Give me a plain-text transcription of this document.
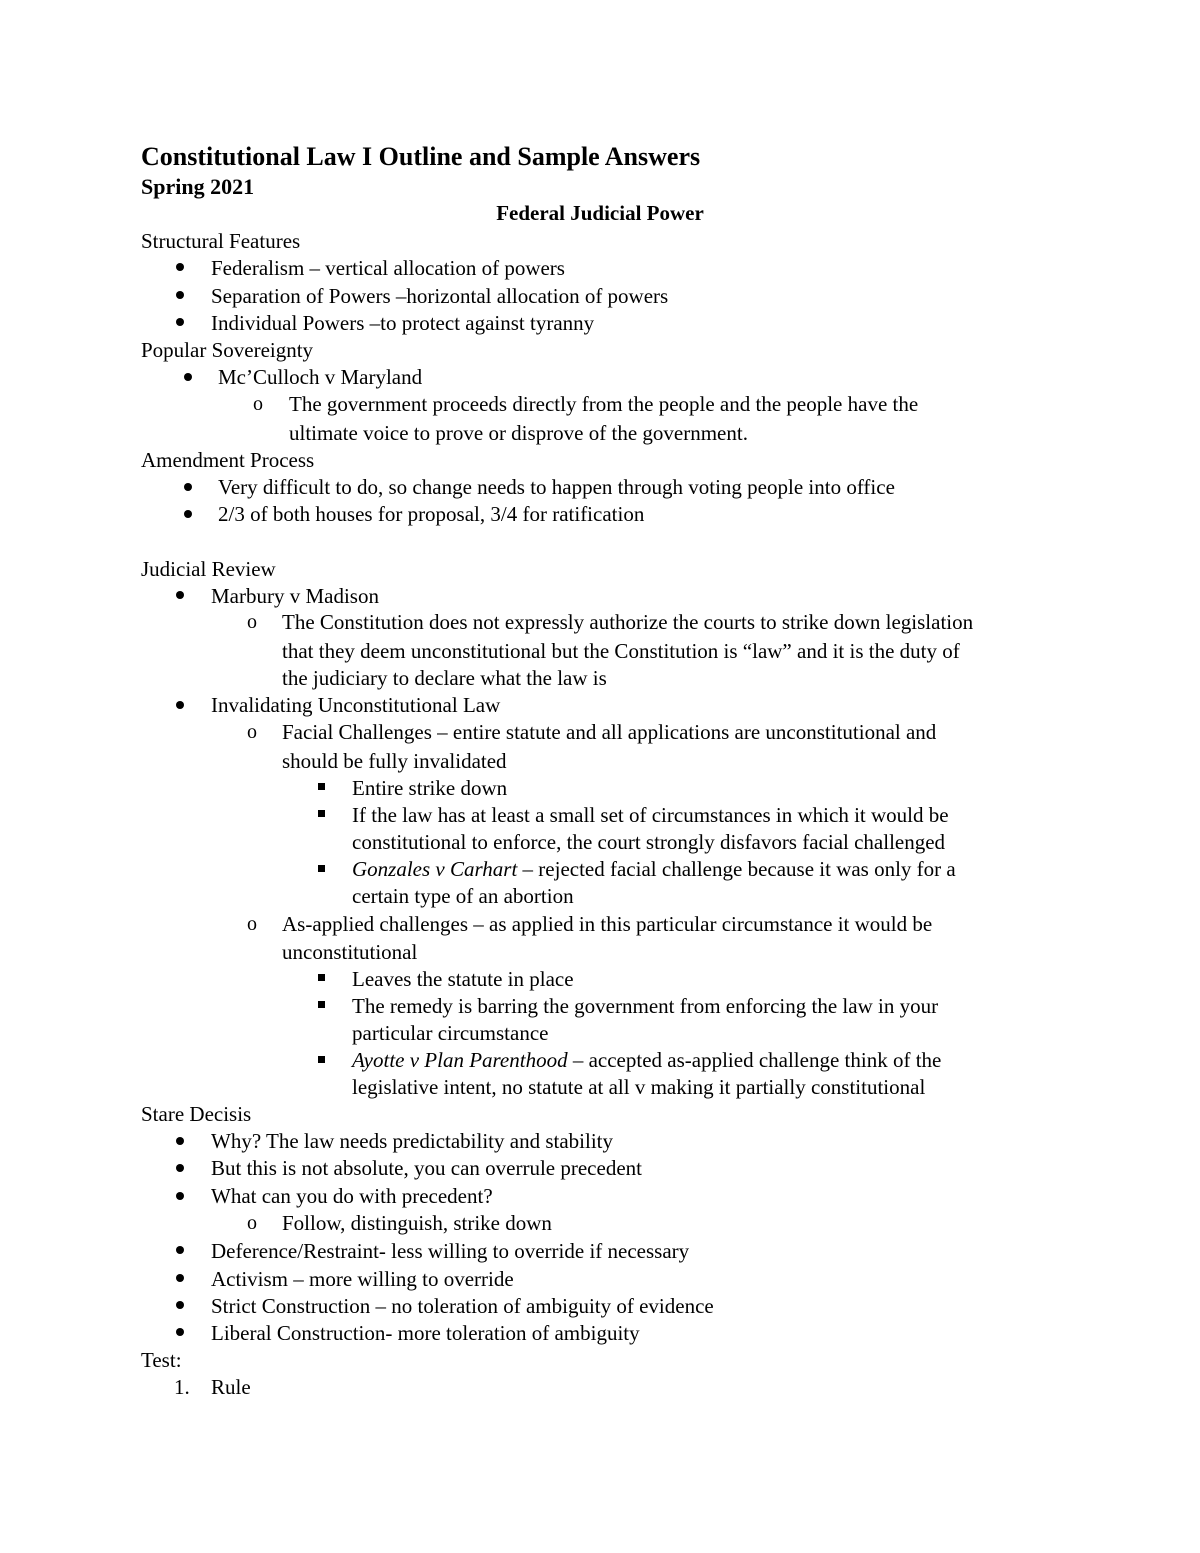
Constitutional Law I Outline and Sample Answers
Spring 2021
Federal Judicial Power
Structural Features
Federalism – vertical allocation of powers
Separation of Powers –horizontal allocation of powers
Individual Powers –to protect against tyranny
Popular Sovereignty
Mc’Culloch v Maryland
o The government proceeds directly from the people and the people have the
ultimate voice to prove or disprove of the government.
Amendment Process
Very difficult to do, so change needs to happen through voting people into office
2/3 of both houses for proposal, 3/4 for ratification
Judicial Review
Marbury v Madison
o The Constitution does not expressly authorize the courts to strike down legislation
that they deem unconstitutional but the Constitution is “law” and it is the duty of
the judiciary to declare what the law is
Invalidating Unconstitutional Law
o Facial Challenges – entire statute and all applications are unconstitutional and
should be fully invalidated
Entire strike down
If the law has at least a small set of circumstances in which it would be
constitutional to enforce, the court strongly disfavors facial challenged
Gonzales v Carhart – rejected facial challenge because it was only for a
certain type of an abortion
o As-applied challenges – as applied in this particular circumstance it would be
unconstitutional
Leaves the statute in place
The remedy is barring the government from enforcing the law in your
particular circumstance
Ayotte v Plan Parenthood – accepted as-applied challenge think of the
legislative intent, no statute at all v making it partially constitutional
Stare Decisis
Why? The law needs predictability and stability
But this is not absolute, you can overrule precedent
What can you do with precedent?
o Follow, distinguish, strike down
Deference/Restraint- less willing to override if necessary
Activism – more willing to override
Strict Construction – no toleration of ambiguity of evidence
Liberal Construction- more toleration of ambiguity
Test:
1. Rule
